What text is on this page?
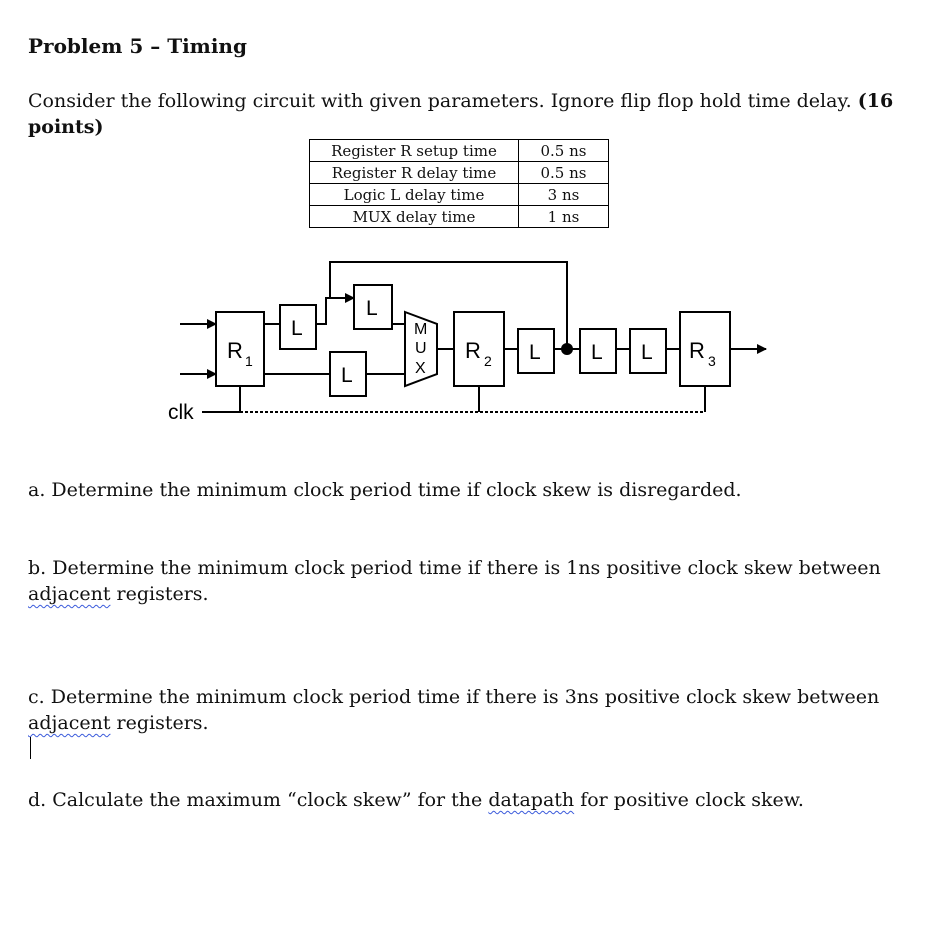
Problem 5 – Timing
Consider the following circuit with given parameters. Ignore flip flop hold time delay. (16
points)
Register R setup time	0.5 ns
Register R delay time	0.5 ns
Logic L delay time	3 ns
MUX delay time	1 ns
R 1	R 2	R 3
L
L
L
L L L
M
U
X
clk
a. Determine the minimum clock period time if clock skew is disregarded.
b. Determine the minimum clock period time if there is 1ns positive clock skew between
adjacent registers.
c. Determine the minimum clock period time if there is 3ns positive clock skew between
adjacent registers.
d. Calculate the maximum “clock skew” for the datapath for positive clock skew.
